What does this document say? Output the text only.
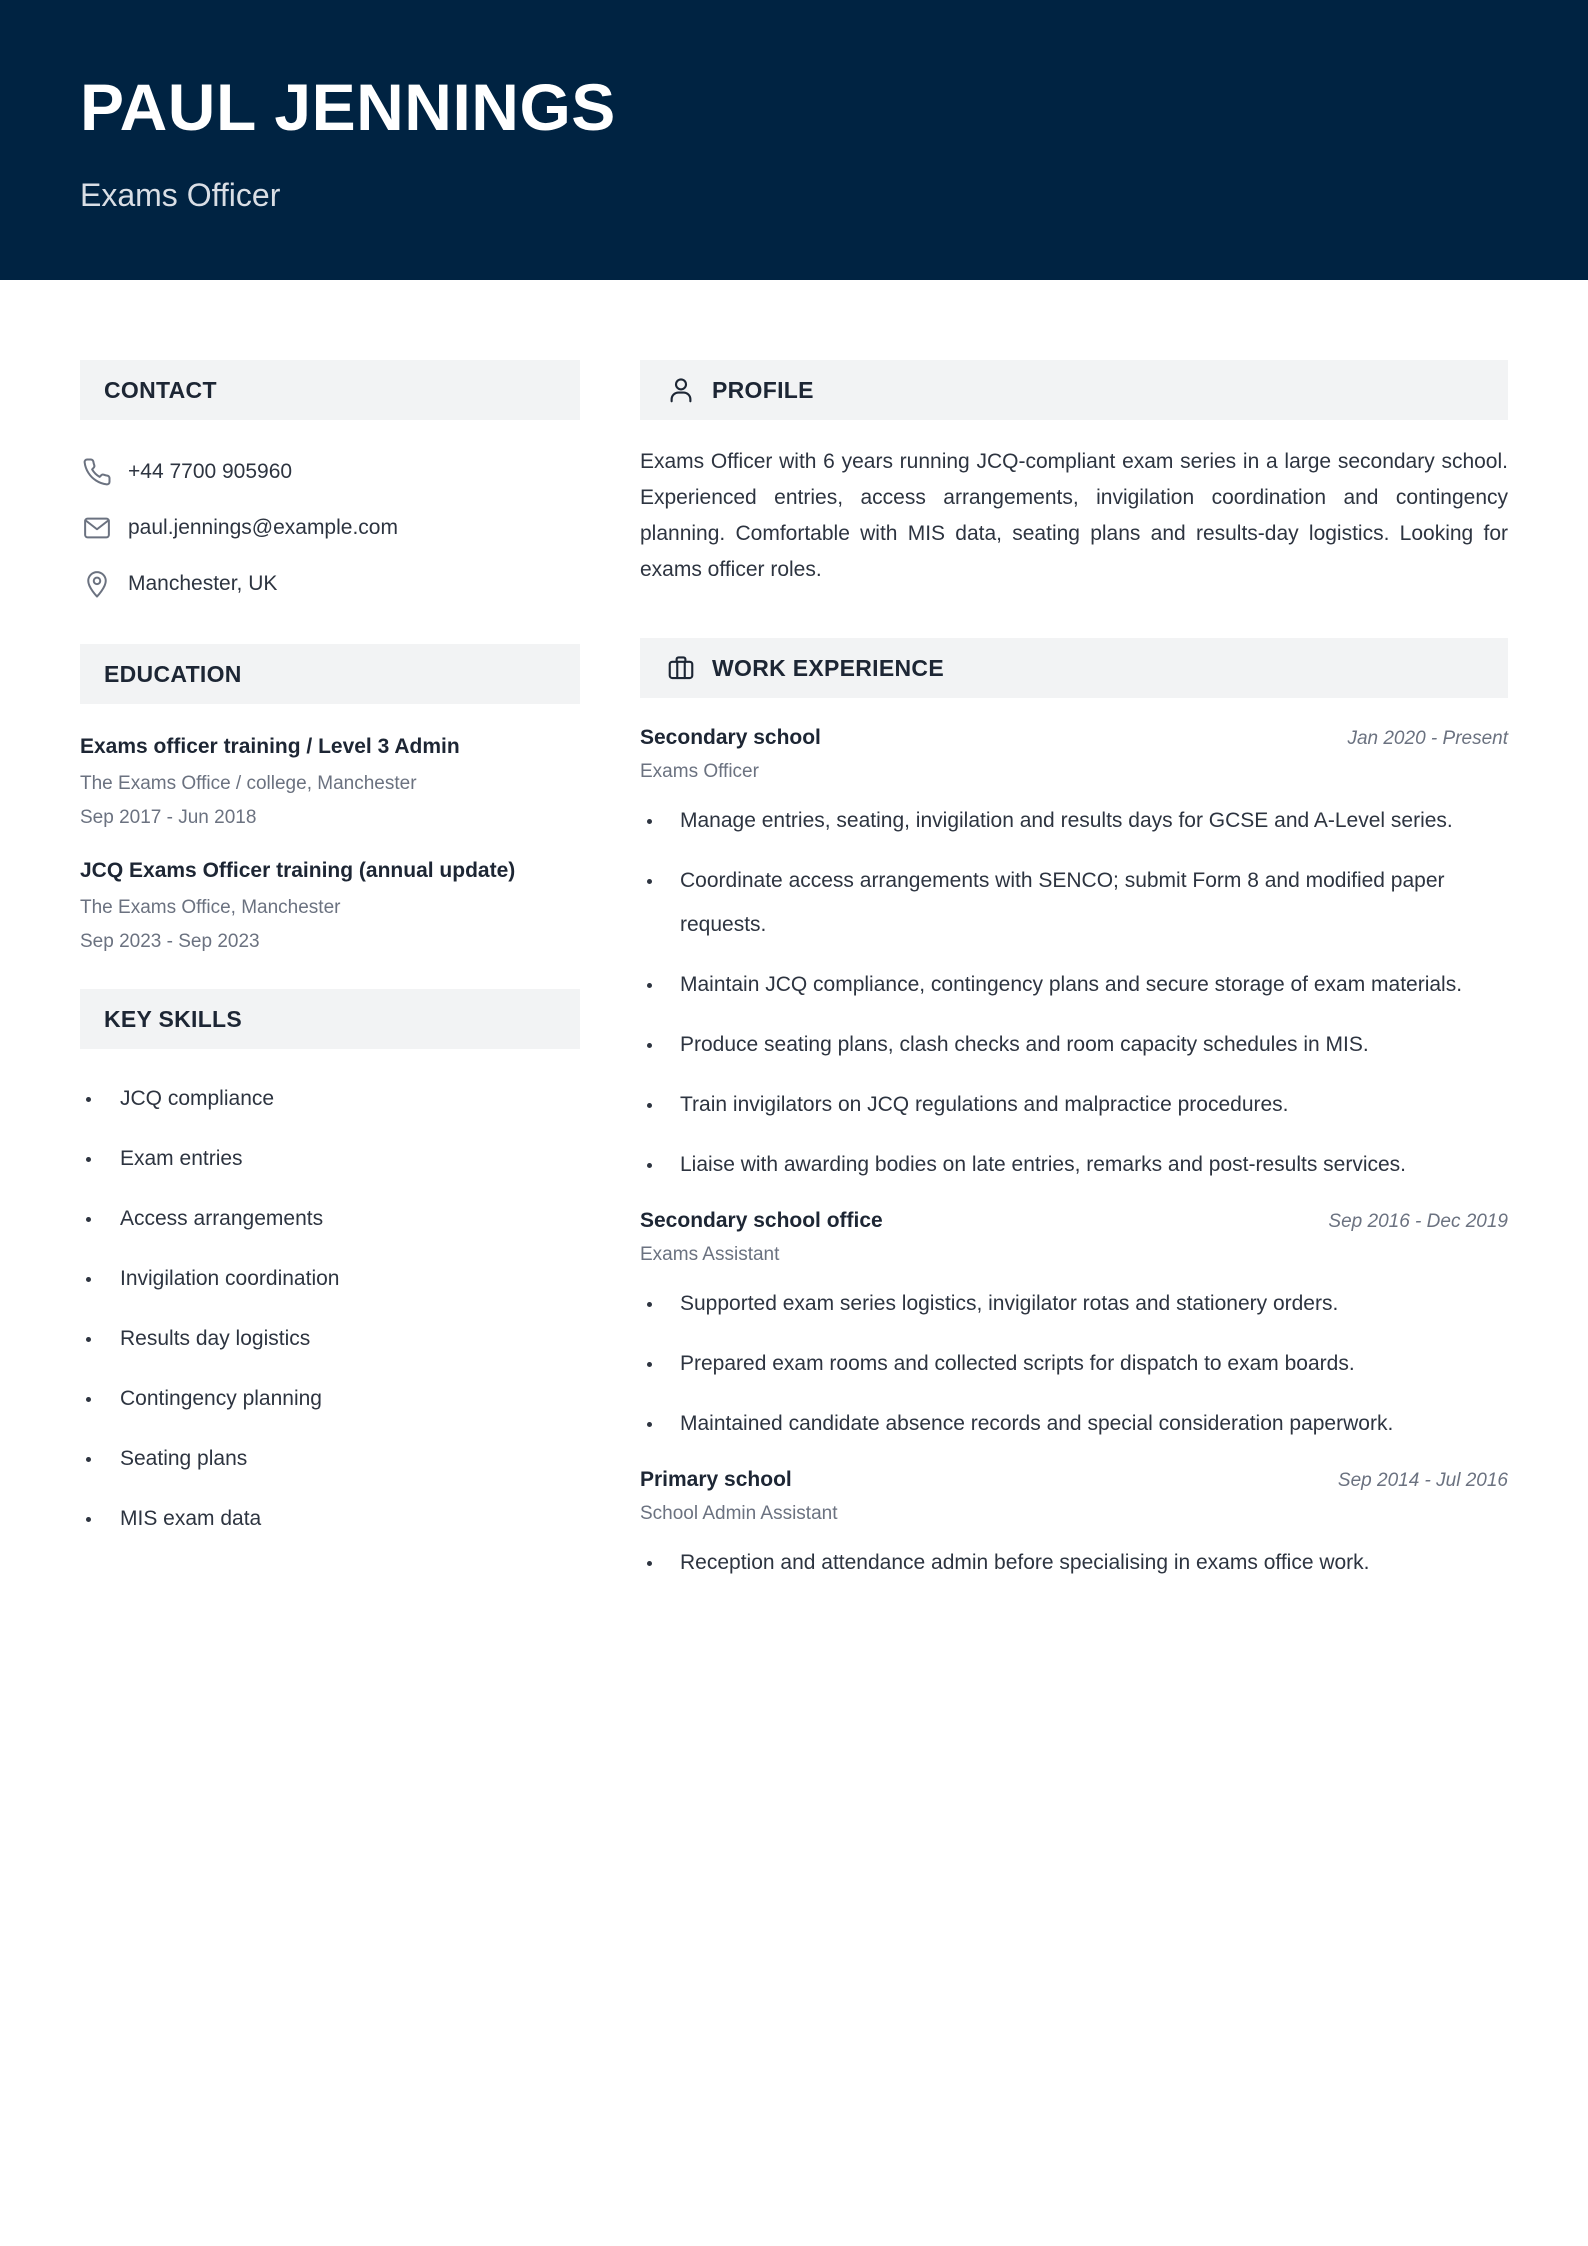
PAUL JENNINGS
Exams Officer
CONTACT
+44 7700 905960
paul.jennings@example.com
Manchester, UK
EDUCATION
Exams officer training / Level 3 Admin
The Exams Office / college, Manchester
Sep 2017 - Jun 2018
JCQ Exams Officer training (annual update)
The Exams Office, Manchester
Sep 2023 - Sep 2023
KEY SKILLS
JCQ compliance
Exam entries
Access arrangements
Invigilation coordination
Results day logistics
Contingency planning
Seating plans
MIS exam data
PROFILE

Exams Officer with 6 years running JCQ-compliant exam series in a large secondary school. Experienced entries, access arrangements, invigilation coordination and contingency planning. Comfortable with MIS data, seating plans and results-day logistics. Looking for exams officer roles.

WORK EXPERIENCE
Secondary school	Jan 2020 - Present
Exams Officer
Manage entries, seating, invigilation and results days for GCSE and A-Level series.
Coordinate access arrangements with SENCO; submit Form 8 and modified paper requests.
Maintain JCQ compliance, contingency plans and secure storage of exam materials.
Produce seating plans, clash checks and room capacity schedules in MIS.
Train invigilators on JCQ regulations and malpractice procedures.
Liaise with awarding bodies on late entries, remarks and post-results services.
Secondary school office	Sep 2016 - Dec 2019
Exams Assistant
Supported exam series logistics, invigilator rotas and stationery orders.
Prepared exam rooms and collected scripts for dispatch to exam boards.
Maintained candidate absence records and special consideration paperwork.
Primary school	Sep 2014 - Jul 2016
School Admin Assistant
Reception and attendance admin before specialising in exams office work.
